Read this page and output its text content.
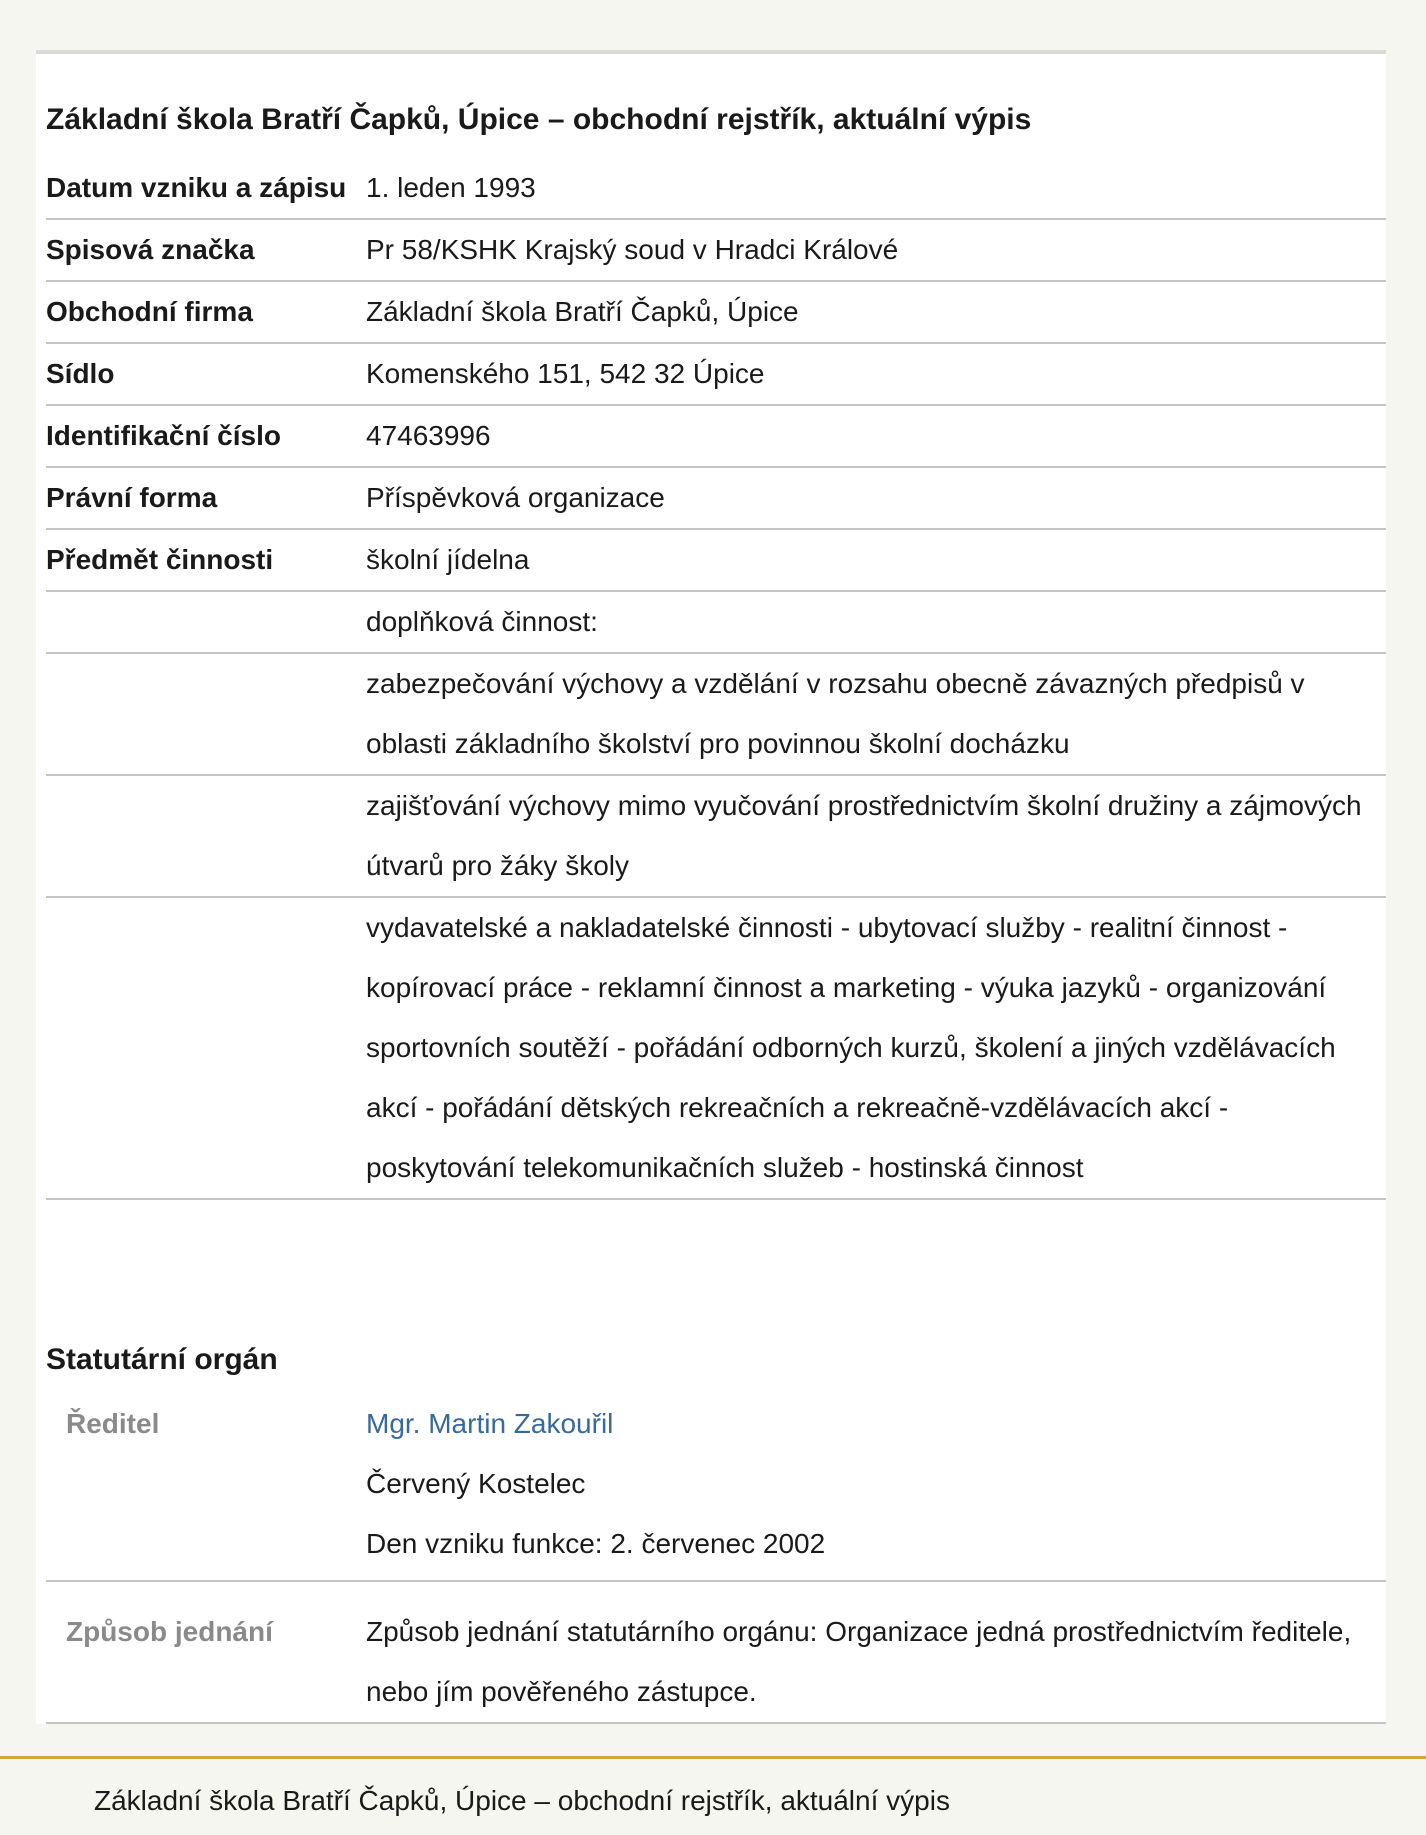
Základní škola Bratří Čapků, Úpice – obchodní rejstřík, aktuální výpis
Datum vzniku a zápisu	1. leden 1993
Spisová značka	Pr 58/KSHK Krajský soud v Hradci Králové
Obchodní firma	Základní škola Bratří Čapků, Úpice
Sídlo	Komenského 151, 542 32 Úpice
Identifikační číslo	47463996
Právní forma	Příspěvková organizace
Předmět činnosti	školní jídelna
	doplňková činnost:
	zabezpečování výchovy a vzdělání v rozsahu obecně závazných předpisů v oblasti základního školství pro povinnou školní docházku
	zajišťování výchovy mimo vyučování prostřednictvím školní družiny a zájmových útvarů pro žáky školy
	vydavatelské a nakladatelské činnosti - ubytovací služby - realitní činnost - kopírovací práce - reklamní činnost a marketing - výuka jazyků - organizování sportovních soutěží - pořádání odborných kurzů, školení a jiných vzdělávacích akcí - pořádání dětských rekreačních a rekreačně-vzdělávacích akcí - poskytování telekomunikačních služeb - hostinská činnost
Statutární orgán
Ředitel	Mgr. Martin Zakouřil
Červený Kostelec
Den vzniku funkce: 2. červenec 2002

Způsob jednání	Způsob jednání statutárního orgánu: Organizace jedná prostřednictvím ředitele, nebo jím pověřeného zástupce.
Základní škola Bratří Čapků, Úpice – obchodní rejstřík, aktuální výpis
